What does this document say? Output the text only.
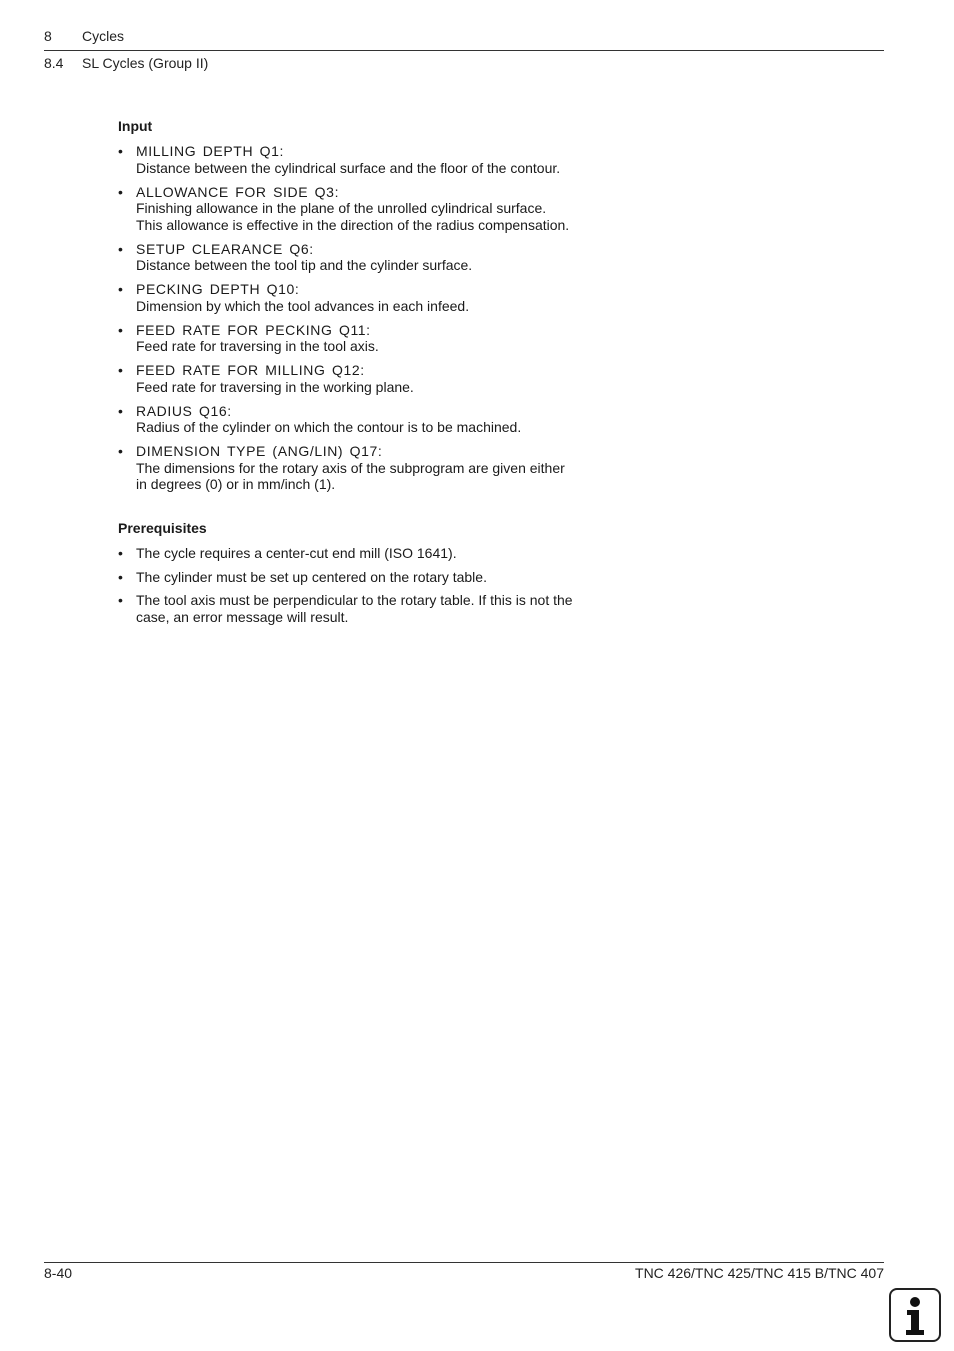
8 Cycles
8.4 SL Cycles (Group II)
Input
• MILLING DEPTH Q1:
Distance between the cylindrical surface and the floor of the contour.
• ALLOWANCE FOR SIDE Q3:
Finishing allowance in the plane of the unrolled cylindrical surface.
This allowance is effective in the direction of the radius compensation.
• SETUP CLEARANCE Q6:
Distance between the tool tip and the cylinder surface.
• PECKING DEPTH Q10:
Dimension by which the tool advances in each infeed.
• FEED RATE FOR PECKING Q11:
Feed rate for traversing in the tool axis.
• FEED RATE FOR MILLING Q12:
Feed rate for traversing in the working plane.
• RADIUS Q16:
Radius of the cylinder on which the contour is to be machined.
• DIMENSION TYPE (ANG/LIN) Q17:
The dimensions for the rotary axis of the subprogram are given either
in degrees (0) or in mm/inch (1).
Prerequisites
• The cycle requires a center-cut end mill (ISO 1641).
• The cylinder must be set up centered on the rotary table.
• The tool axis must be perpendicular to the rotary table. If this is not the
case, an error message will result.
8-40	TNC 426/TNC 425/TNC 415 B/TNC 407
